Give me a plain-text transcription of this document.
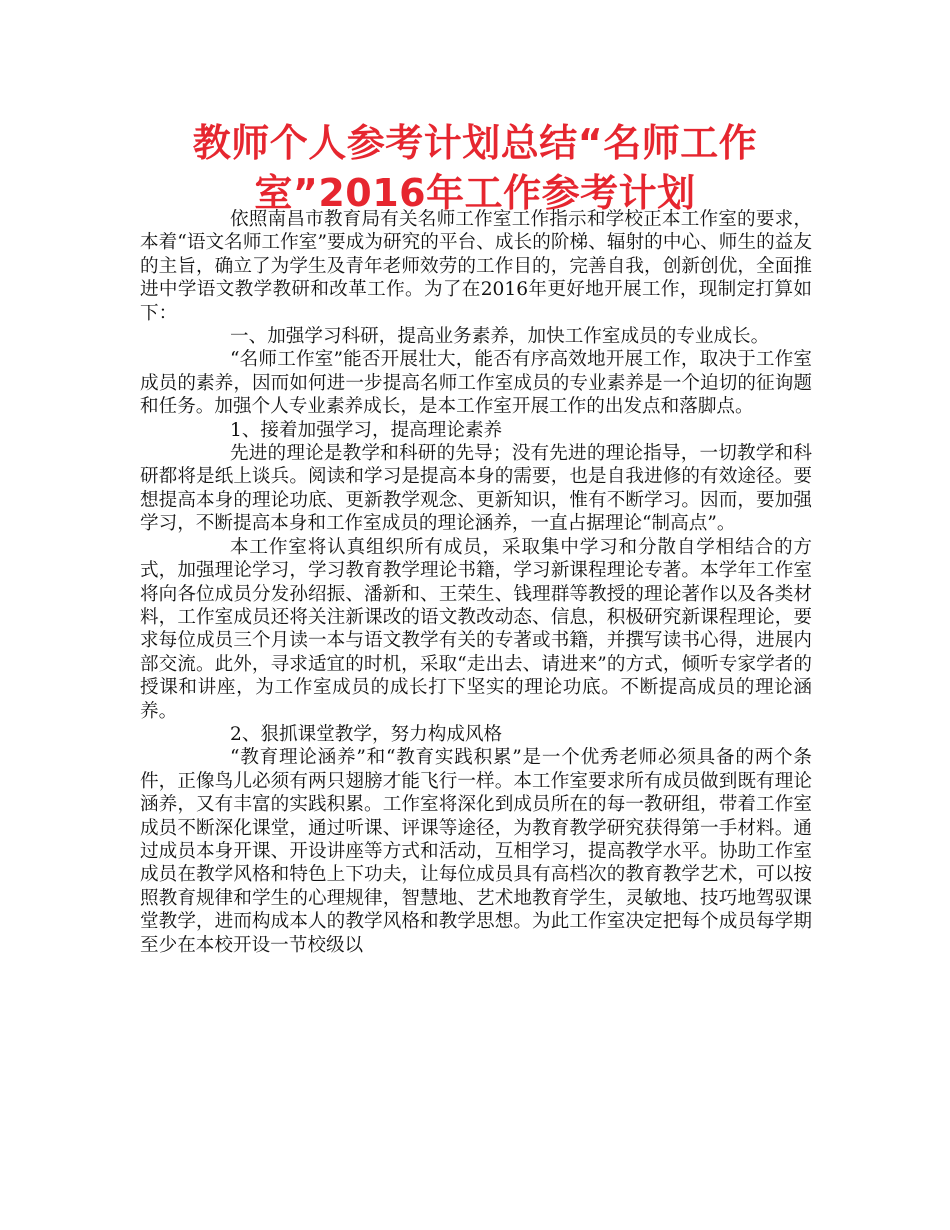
教师个人参考计划总结“名师工作
室”2016年工作参考计划

依照南昌市教育局有关名师工作室工作指示和学校正本工作室的要求，本着“语文名师工作室”要成为研究的平台、成长的阶梯、辐射的中心、师生的益友的主旨，确立了为学生及青年老师效劳的工作目的，完善自我，创新创优，全面推进中学语文教学教研和改革工作。为了在2016年更好地开展工作，现制定打算如下：

一、加强学习科研，提高业务素养，加快工作室成员的专业成长。

“名师工作室”能否开展壮大，能否有序高效地开展工作，取决于工作室成员的素养，因而如何进一步提高名师工作室成员的专业素养是一个迫切的征询题和任务。加强个人专业素养成长，是本工作室开展工作的出发点和落脚点。

1、接着加强学习，提高理论素养

先进的理论是教学和科研的先导；没有先进的理论指导，一切教学和科研都将是纸上谈兵。阅读和学习是提高本身的需要，也是自我进修的有效途径。要想提高本身的理论功底、更新教学观念、更新知识，惟有不断学习。因而，要加强学习，不断提高本身和工作室成员的理论涵养，一直占据理论“制高点”。

本工作室将认真组织所有成员，采取集中学习和分散自学相结合的方式，加强理论学习，学习教育教学理论书籍，学习新课程理论专著。本学年工作室将向各位成员分发孙绍振、潘新和、王荣生、钱理群等教授的理论著作以及各类材料，工作室成员还将关注新课改的语文教改动态、信息，积极研究新课程理论，要求每位成员三个月读一本与语文教学有关的专著或书籍，并撰写读书心得，进展内部交流。此外，寻求适宜的时机，采取“走出去、请进来”的方式，倾听专家学者的授课和讲座，为工作室成员的成长打下坚实的理论功底。不断提高成员的理论涵养。

2、狠抓课堂教学，努力构成风格

“教育理论涵养”和“教育实践积累”是一个优秀老师必须具备的两个条件，正像鸟儿必须有两只翅膀才能飞行一样。本工作室要求所有成员做到既有理论涵养，又有丰富的实践积累。工作室将深化到成员所在的每一教研组，带着工作室成员不断深化课堂，通过听课、评课等途径，为教育教学研究获得第一手材料。通过成员本身开课、开设讲座等方式和活动，互相学习，提高教学水平。协助工作室成员在教学风格和特色上下功夫，让每位成员具有高档次的教育教学艺术，可以按照教育规律和学生的心理规律，智慧地、艺术地教育学生，灵敏地、技巧地驾驭课堂教学，进而构成本人的教学风格和教学思想。为此工作室决定把每个成员每学期至少在本校开设一节校级以
